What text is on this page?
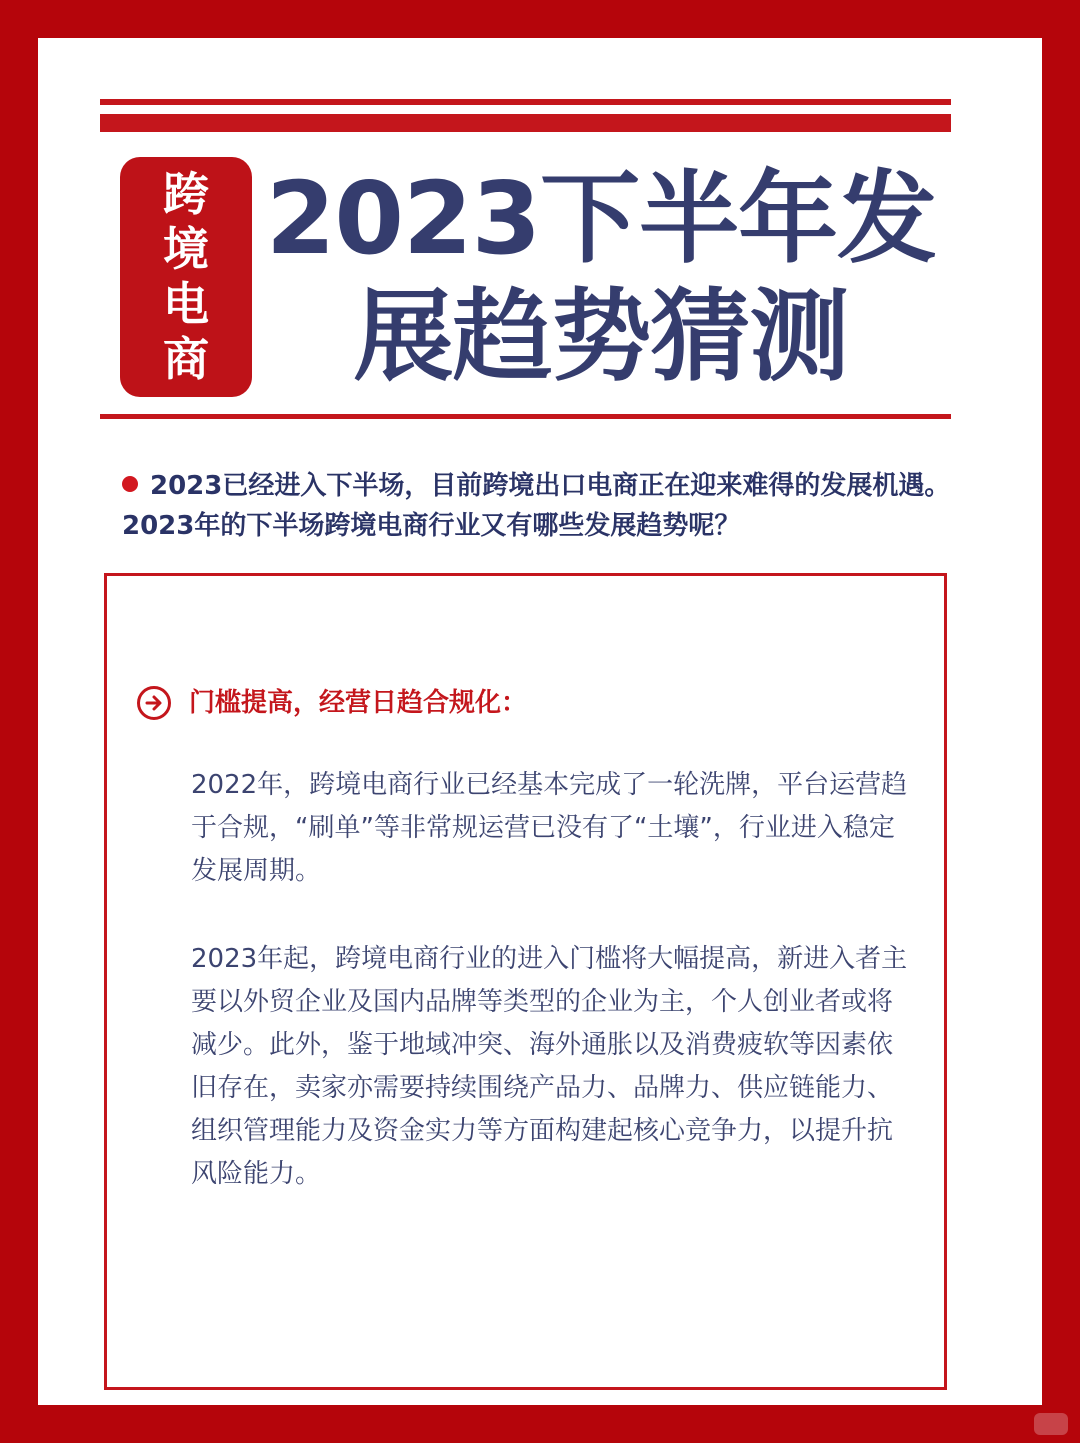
跨
境
电
商
2023下半年发
展趋势猜测

2023已经进入下半场，目前跨境出口电商正在迎来难得的发展机遇。2023年的下半场跨境电商行业又有哪些发展趋势呢？

门槛提高，经营日趋合规化：

2022年，跨境电商行业已经基本完成了一轮洗牌，平台运营趋于合规，“刷单”等非常规运营已没有了“土壤”，行业进入稳定发展周期。

2023年起，跨境电商行业的进入门槛将大幅提高，新进入者主要以外贸企业及国内品牌等类型的企业为主，个人创业者或将减少。此外，鉴于地域冲突、海外通胀以及消费疲软等因素依旧存在，卖家亦需要持续围绕产品力、品牌力、供应链能力、组织管理能力及资金实力等方面构建起核心竞争力，以提升抗风险能力。
